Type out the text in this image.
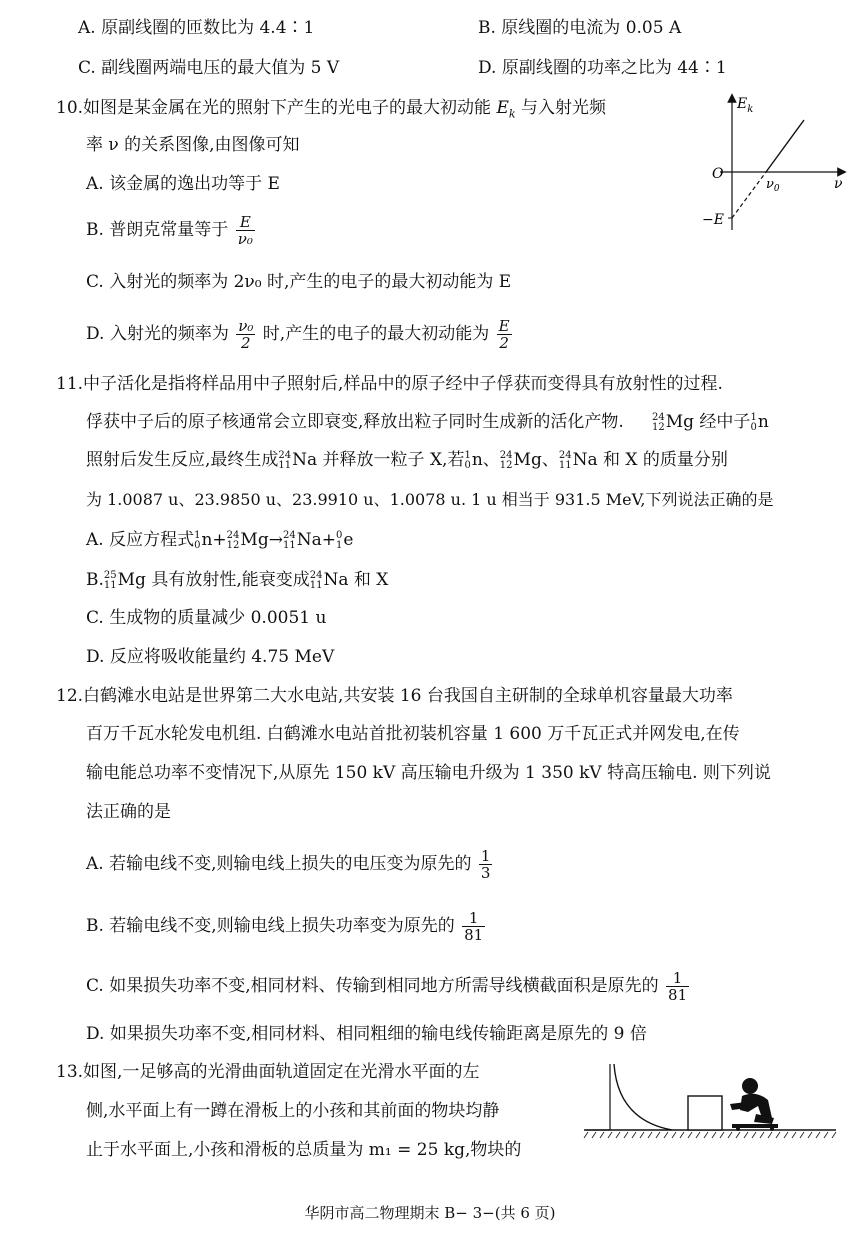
A. 原副线圈的匝数比为 4.4∶1	B. 原线圈的电流为 0.05 A
C. 副线圈两端电压的最大值为 5 V	D. 原副线圈的功率之比为 44∶1
10.如图是某金属在光的照射下产生的光电子的最大初动能 $E_k$ 与入射光频
率 ν 的关系图像,由图像可知
A. 该金属的逸出功等于 E
B. 普朗克常量等于 $\frac{E}{\text{ν₀}}$
C. 入射光的频率为 2ν₀ 时,产生的电子的最大初动能为 E
D. 入射光的频率为 $\frac{\text{ν₀}}{2}$ 时,产生的电子的最大初动能为 $\frac{E}{2}$
$E_k$
ν
O
$\nu_0$
−E
11.中子活化是指将样品用中子照射后,样品中的原子经中子俘获而变得具有放射性的过程.
俘获中子后的原子核通常会立即衰变,释放出粒子同时生成新的活化产物.	24
12 Mg 经中子 1
0 n
照射后发生反应,最终生成 24
11 Na 并释放一粒子 X,若 1
0 n、 24
12 Mg、 24
11 Na 和 X 的质量分别
为 1.0087 u、23.9850 u、23.9910 u、1.0078 u. 1 u 相当于 931.5 MeV,下列说法正确的是
A. 反应方程式 1
0 n+ 24
12 Mg→ 24
11 Na+ 0
1 e
B. 25
11 Mg 具有放射性,能衰变成 24
11 Na 和 X
C. 生成物的质量减少 0.0051 u
D. 反应将吸收能量约 4.75 MeV
12.白鹤滩水电站是世界第二大水电站,共安装 16 台我国自主研制的全球单机容量最大功率
百万千瓦水轮发电机组. 白鹤滩水电站首批初装机容量 1 600 万千瓦正式并网发电,在传
输电能总功率不变情况下,从原先 150 kV 高压输电升级为 1 350 kV 特高压输电. 则下列说
法正确的是
A. 若输电线不变,则输电线上损失的电压变为原先的 $\frac{1}{3}$
B. 若输电线不变,则输电线上损失功率变为原先的 $\frac{1}{81}$
C. 如果损失功率不变,相同材料、传输到相同地方所需导线横截面积是原先的 $\frac{1}{81}$
D. 如果损失功率不变,相同材料、相同粗细的输电线传输距离是原先的 9 倍
13.如图,一足够高的光滑曲面轨道固定在光滑水平面的左
侧,水平面上有一蹲在滑板上的小孩和其前面的物块均静
止于水平面上,小孩和滑板的总质量为 m₁ = 25 kg,物块的
华阴市高二物理期末 B− 3−(共 6 页)
